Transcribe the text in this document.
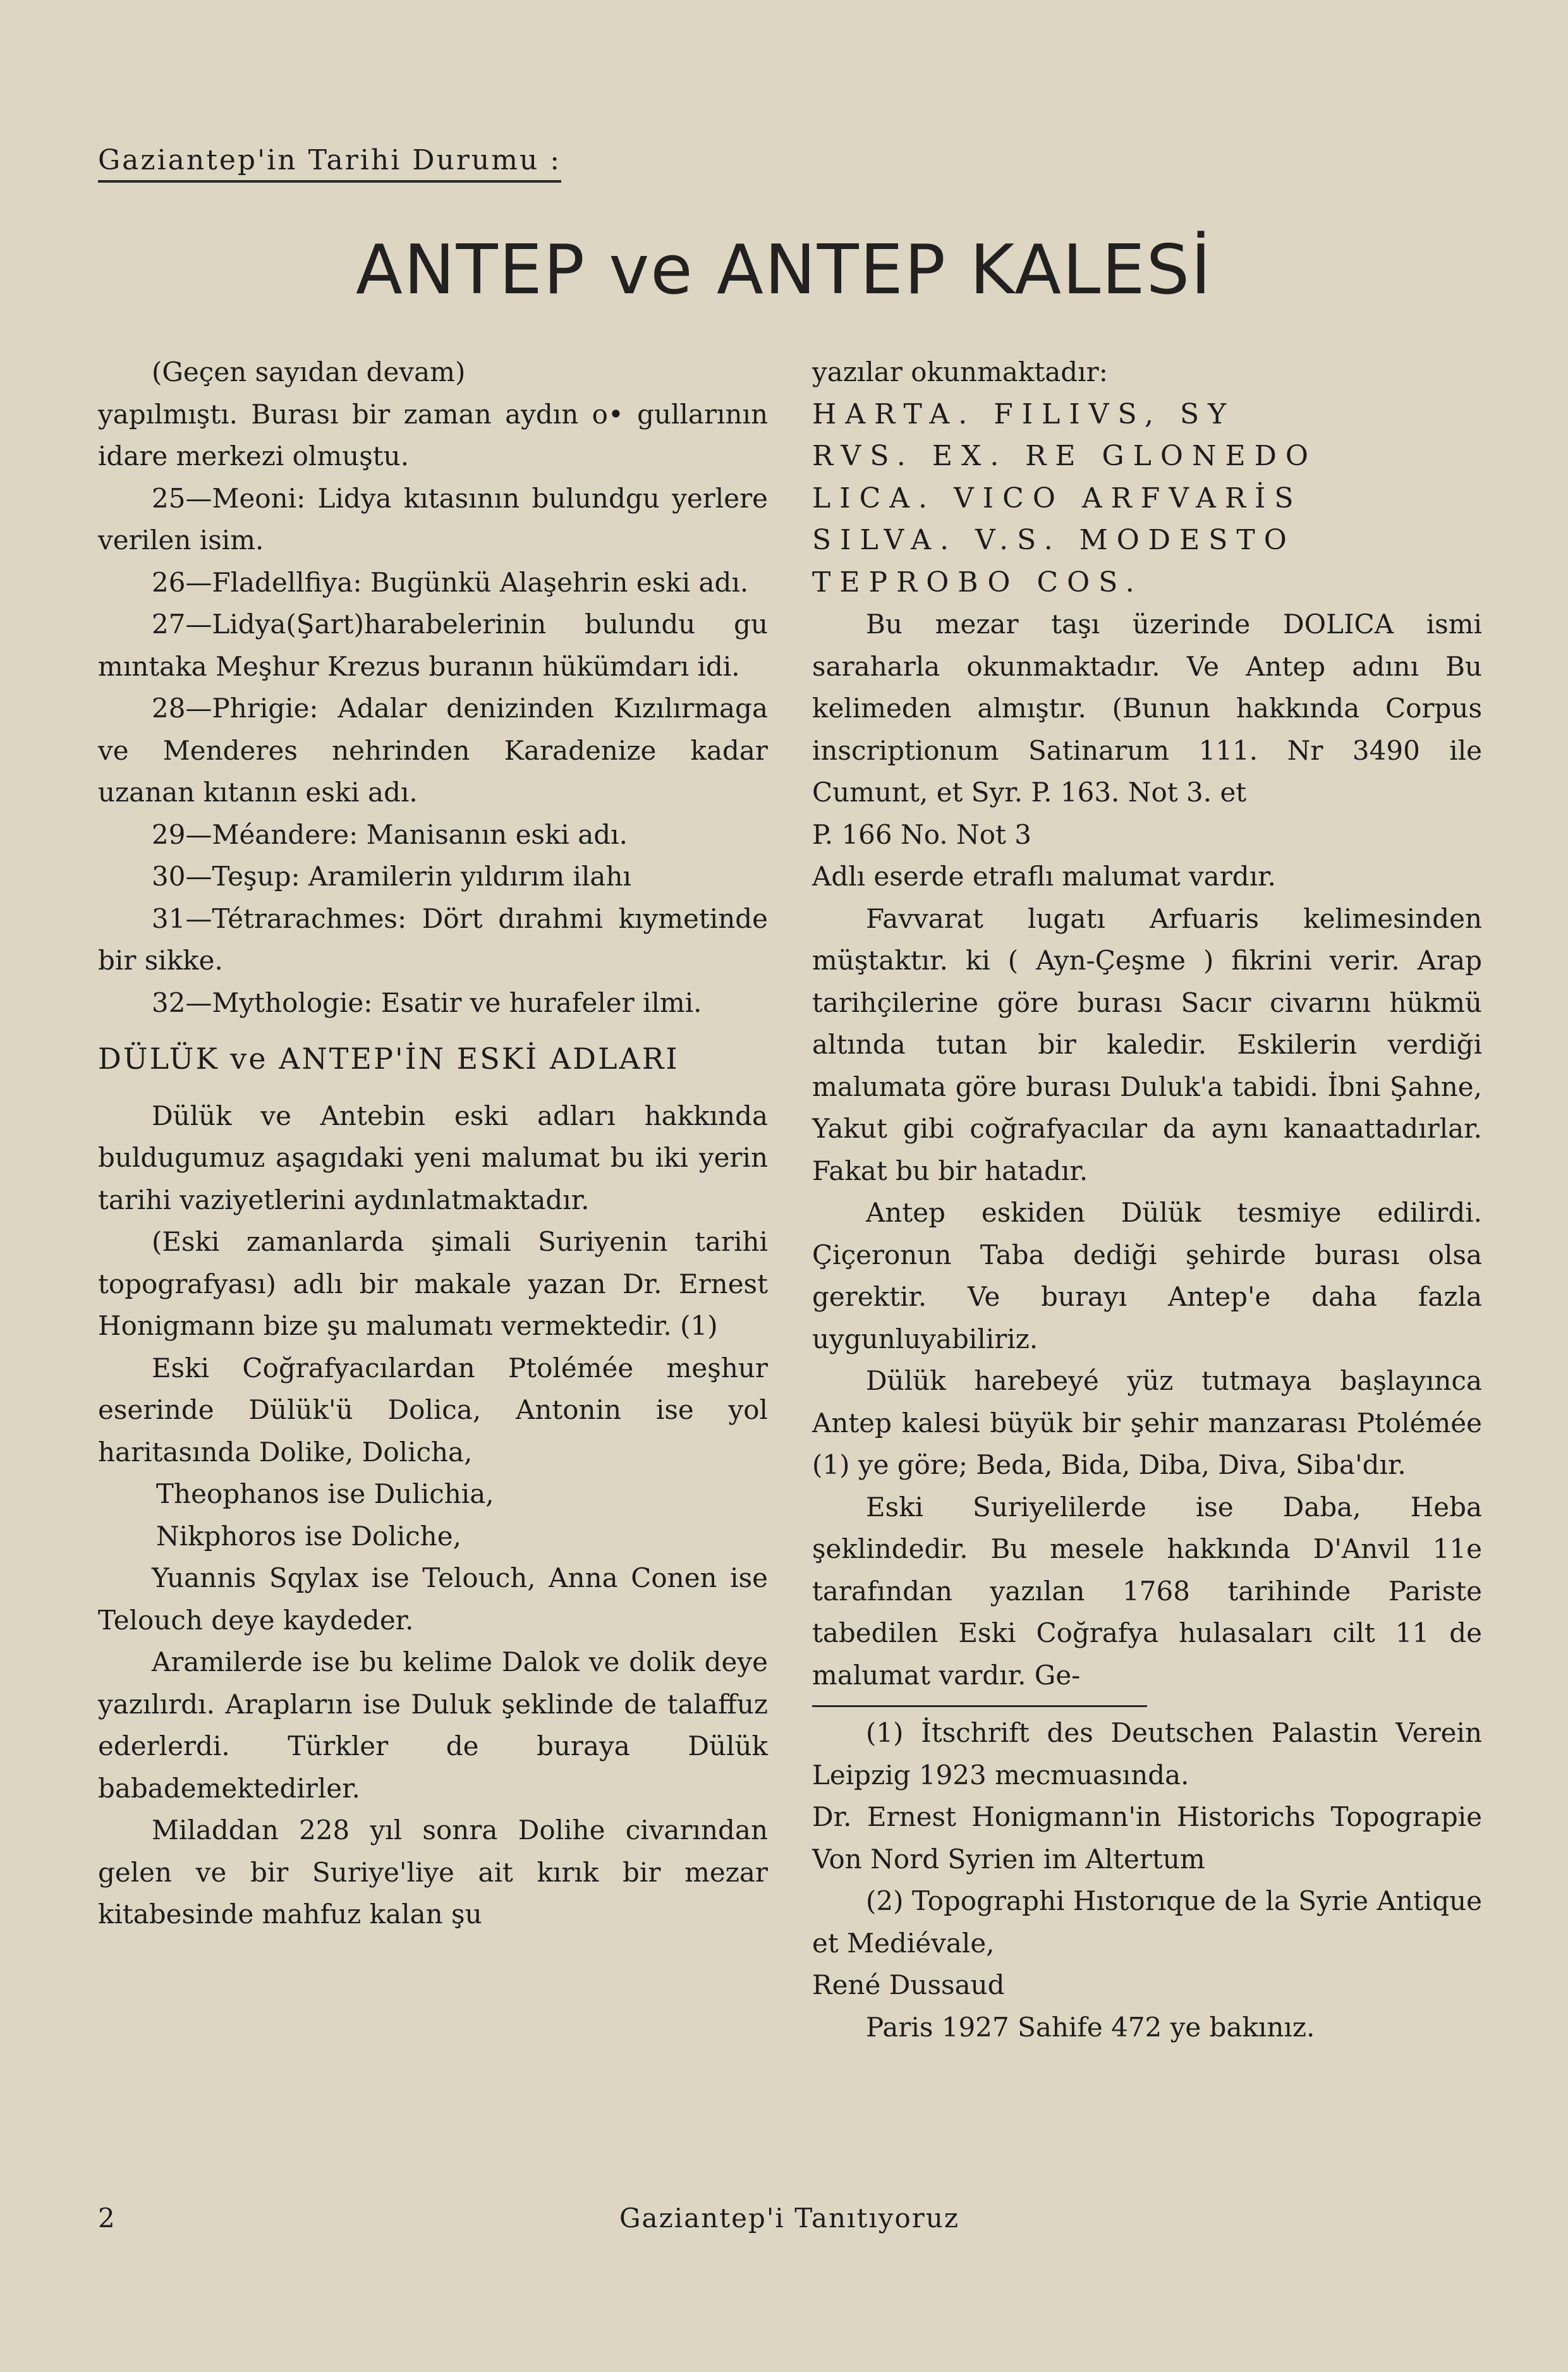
Gaziantep'in Tarihi Durumu :
ANTEP ve ANTEP KALESİ

(Geçen sayıdan devam)

yapılmıştı. Burası bir zaman aydın o• gullarının idare merkezi olmuştu.

25—Meoni: Lidya kıtasının bulundgu yerlere verilen isim.

26—Fladellfiya: Bugünkü Alaşehrin eski adı.

27—Lidya(Şart)harabelerinin bulundu gu mıntaka Meşhur Krezus buranın hükümdarı idi.

28—Phrigie: Adalar denizinden Kızılırmaga ve Menderes nehrinden Karadenize kadar uzanan kıtanın eski adı.

29—Méandere: Manisanın eski adı.

30—Teşup: Aramilerin yıldırım ilahı

31—Tétrarachmes: Dört dırahmi kıymetinde bir sikke.

32—Mythologie: Esatir ve hurafeler ilmi.

DÜLÜK ve ANTEP'İN ESKİ ADLARI

Dülük ve Antebin eski adları hakkında buldugumuz aşagıdaki yeni malumat bu iki yerin tarihi vaziyetlerini aydınlatmaktadır.

(Eski zamanlarda şimali Suriyenin tarihi topografyası) adlı bir makale yazan Dr. Ernest Honigmann bize şu malumatı vermektedir. (1)

Eski Coğrafyacılardan Ptolémée meşhur eserinde Dülük'ü Dolica, Antonin ise yol haritasında Dolike, Dolicha,

Theophanos ise Dulichia,

Nikphoros ise Doliche,

Yuannis Sqylax ise Telouch, Anna Conen ise Telouch deye kaydeder.

Aramilerde ise bu kelime Dalok ve dolik deye yazılırdı. Arapların ise Duluk şeklinde de talaffuz ederlerdi. Türkler de buraya Dülük babademektedirler.

Miladdan 228 yıl sonra Dolihe civarından gelen ve bir Suriye'liye ait kırık bir mezar kitabesinde mahfuz kalan şu

yazılar okunmaktadır:

HARTA. FILIVS, SY

RVS. EX. RE GLONEDO

LICA. VICO ARFVARİS

SILVA. V.S. MODESTO

TEPROBO COS.

Bu mezar taşı üzerinde DOLICA ismi saraharla okunmaktadır. Ve Antep adını Bu kelimeden almıştır. (Bunun hakkında Corpus inscriptionum Satinarum 111. Nr 3490 ile Cumunt, et Syr. P. 163. Not 3. et

P. 166 No. Not 3

Adlı eserde etraflı malumat vardır.

Favvarat lugatı Arfuaris kelimesinden müştaktır. ki ( Ayn-Çeşme ) fikrini verir. Arap tarihçilerine göre burası Sacır civarını hükmü altında tutan bir kaledir. Eskilerin verdiği malumata göre burası Duluk'a tabidi. İbni Şahne, Yakut gibi coğrafyacılar da aynı kanaattadırlar. Fakat bu bir hatadır.

Antep eskiden Dülük tesmiye edilirdi. Çiçeronun Taba dediği şehirde burası olsa gerektir. Ve burayı Antep'e daha fazla uygunluyabiliriz.

Dülük harebeyé yüz tutmaya başlayınca Antep kalesi büyük bir şehir manzarası Ptolémée (1) ye göre; Beda, Bida, Diba, Diva, Siba'dır.

Eski Suriyelilerde ise Daba, Heba şeklindedir. Bu mesele hakkında D'Anvil 11e tarafından yazılan 1768 tarihinde Pariste tabedilen Eski Coğrafya hulasaları cilt 11 de malumat vardır. Ge-

(1) İtschrift des Deutschen Palastin Verein Leipzig 1923 mecmuasında.

Dr. Ernest Honigmann'in Historichs Topograpie Von Nord Syrien im Altertum

(2) Topographi Hıstorıque de la Syrie Antique et Mediévale,

René Dussaud

Paris 1927 Sahife 472 ye bakınız.

2	Gaziantep'i Tanıtıyoruz
